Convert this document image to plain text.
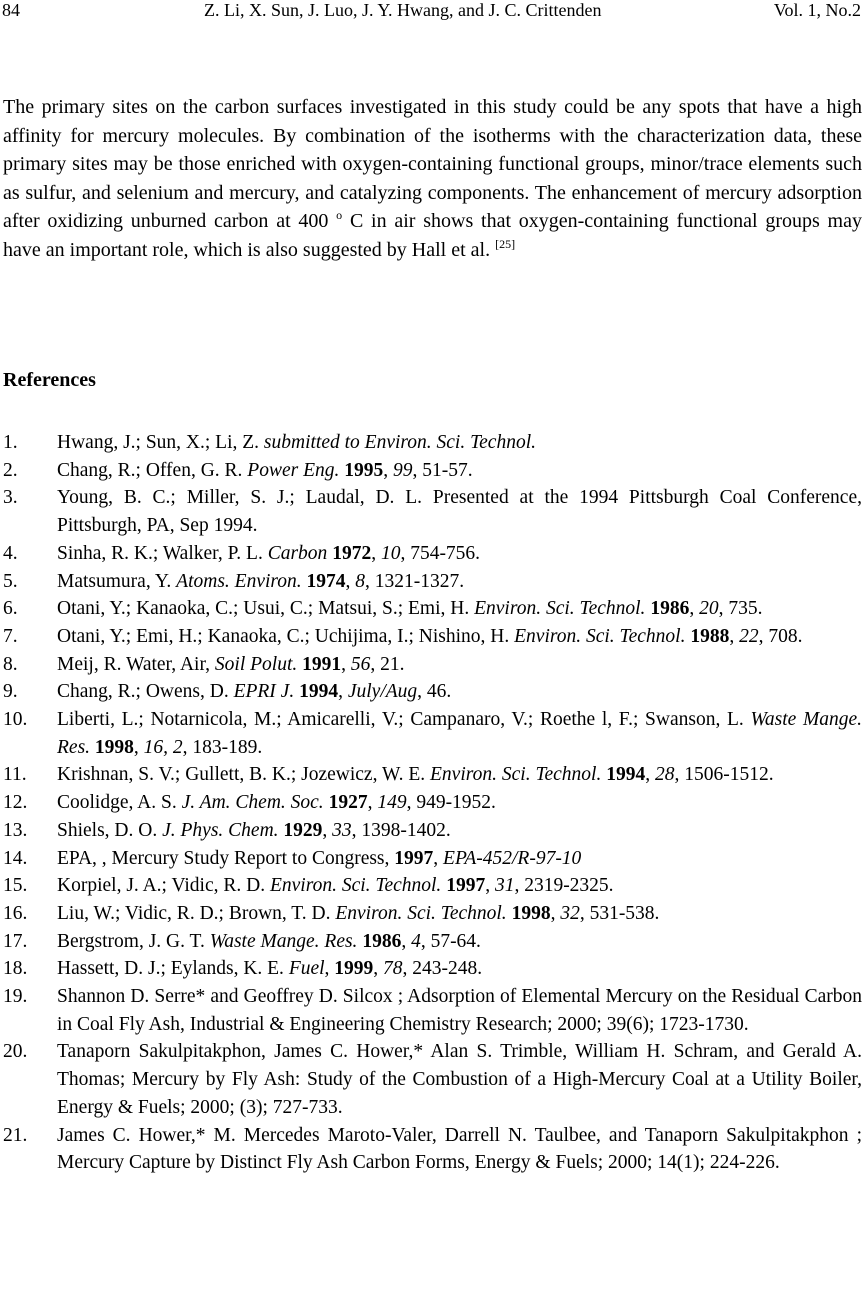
84	Z. Li, X. Sun, J. Luo, J. Y. Hwang, and J. C. Crittenden	Vol. 1, No.2

The primary sites on the carbon surfaces investigated in this study could be any spots that have a high affinity for mercury molecules. By combination of the isotherms with the characterization data, these primary sites may be those enriched with oxygen-containing functional groups, minor/trace elements such as sulfur, and selenium and mercury, and catalyzing components. The enhancement of mercury adsorption after oxidizing unburned carbon at 400 $^o$ C in air shows that oxygen-containing functional groups may have an important role, which is also suggested by Hall et al. [25]

References
1. Hwang, J.; Sun, X.; Li, Z. submitted to Environ. Sci. Technol.
2. Chang, R.; Offen, G. R. Power Eng. 1995, 99, 51-57.
3. Young, B. C.; Miller, S. J.; Laudal, D. L. Presented at the 1994 Pittsburgh Coal Conference, Pittsburgh, PA, Sep 1994.
4. Sinha, R. K.; Walker, P. L. Carbon 1972, 10, 754-756.
5. Matsumura, Y. Atoms. Environ. 1974, 8, 1321-1327.
6. Otani, Y.; Kanaoka, C.; Usui, C.; Matsui, S.; Emi, H. Environ. Sci. Technol. 1986, 20, 735.
7. Otani, Y.; Emi, H.; Kanaoka, C.; Uchijima, I.; Nishino, H. Environ. Sci. Technol. 1988, 22, 708.
8. Meij, R. Water, Air, Soil Polut. 1991, 56, 21.
9. Chang, R.; Owens, D. EPRI J. 1994, July/Aug, 46.
10. Liberti, L.; Notarnicola, M.; Amicarelli, V.; Campanaro, V.; Roethe l, F.; Swanson, L. Waste Mange. Res. 1998, 16, 2, 183-189.
11. Krishnan, S. V.; Gullett, B. K.; Jozewicz, W. E. Environ. Sci. Technol. 1994, 28, 1506-1512.
12. Coolidge, A. S. J. Am. Chem. Soc. 1927, 149, 949-1952.
13. Shiels, D. O. J. Phys. Chem. 1929, 33, 1398-1402.
14. EPA, , Mercury Study Report to Congress, 1997, EPA-452/R-97-10
15. Korpiel, J. A.; Vidic, R. D. Environ. Sci. Technol. 1997, 31, 2319-2325.
16. Liu, W.; Vidic, R. D.; Brown, T. D. Environ. Sci. Technol. 1998, 32, 531-538.
17. Bergstrom, J. G. T. Waste Mange. Res. 1986, 4, 57-64.
18. Hassett, D. J.; Eylands, K. E. Fuel, 1999, 78, 243-248.
19. Shannon D. Serre* and Geoffrey D. Silcox ; Adsorption of Elemental Mercury on the Residual Carbon in Coal Fly Ash, Industrial & Engineering Chemistry Research; 2000; 39(6); 1723-1730.
20. Tanaporn Sakulpitakphon, James C. Hower,* Alan S. Trimble, William H. Schram, and Gerald A. Thomas; Mercury by Fly Ash: Study of the Combustion of a High-Mercury Coal at a Utility Boiler, Energy & Fuels; 2000; (3); 727-733.
21. James C. Hower,* M. Mercedes Maroto-Valer, Darrell N. Taulbee, and Tanaporn Sakulpitakphon ; Mercury Capture by Distinct Fly Ash Carbon Forms, Energy & Fuels; 2000; 14(1); 224-226.
